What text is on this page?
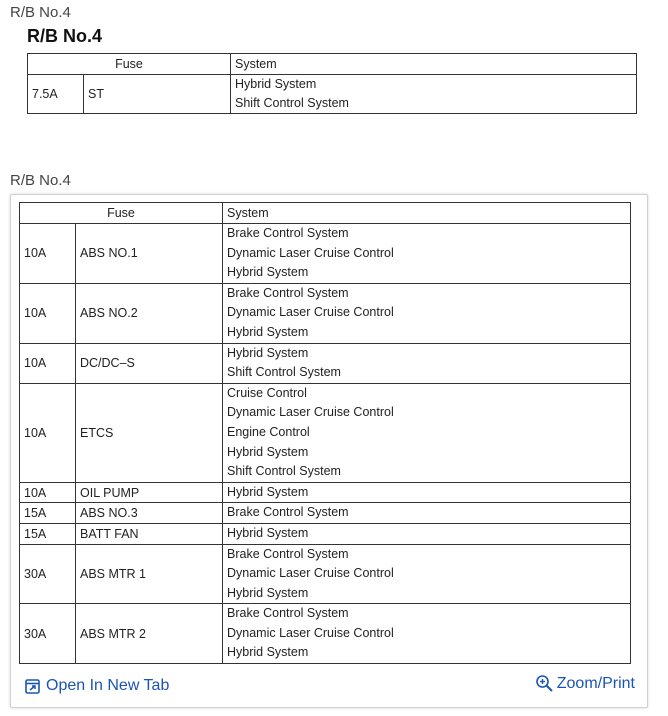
R/B No.4
R/B No.4
Fuse		System
7.5A	ST	Hybrid System
Shift Control System
R/B No.4
Fuse		System
10A	ABS NO.1	Brake Control System
Dynamic Laser Cruise Control
Hybrid System

10A	ABS NO.2	Brake Control System
Dynamic Laser Cruise Control
Hybrid System

10A	DC/DC–S	Hybrid System
Shift Control System

10A	ETCS	Cruise Control
Dynamic Laser Cruise Control
Engine Control
Hybrid System
Shift Control System

10A	OIL PUMP	Hybrid System

15A	ABS NO.3	Brake Control System

15A	BATT FAN	Hybrid System

30A	ABS MTR 1	Brake Control System
Dynamic Laser Cruise Control
Hybrid System

30A	ABS MTR 2	Brake Control System
Dynamic Laser Cruise Control
Hybrid System
Open In New Tab	Zoom/Print
